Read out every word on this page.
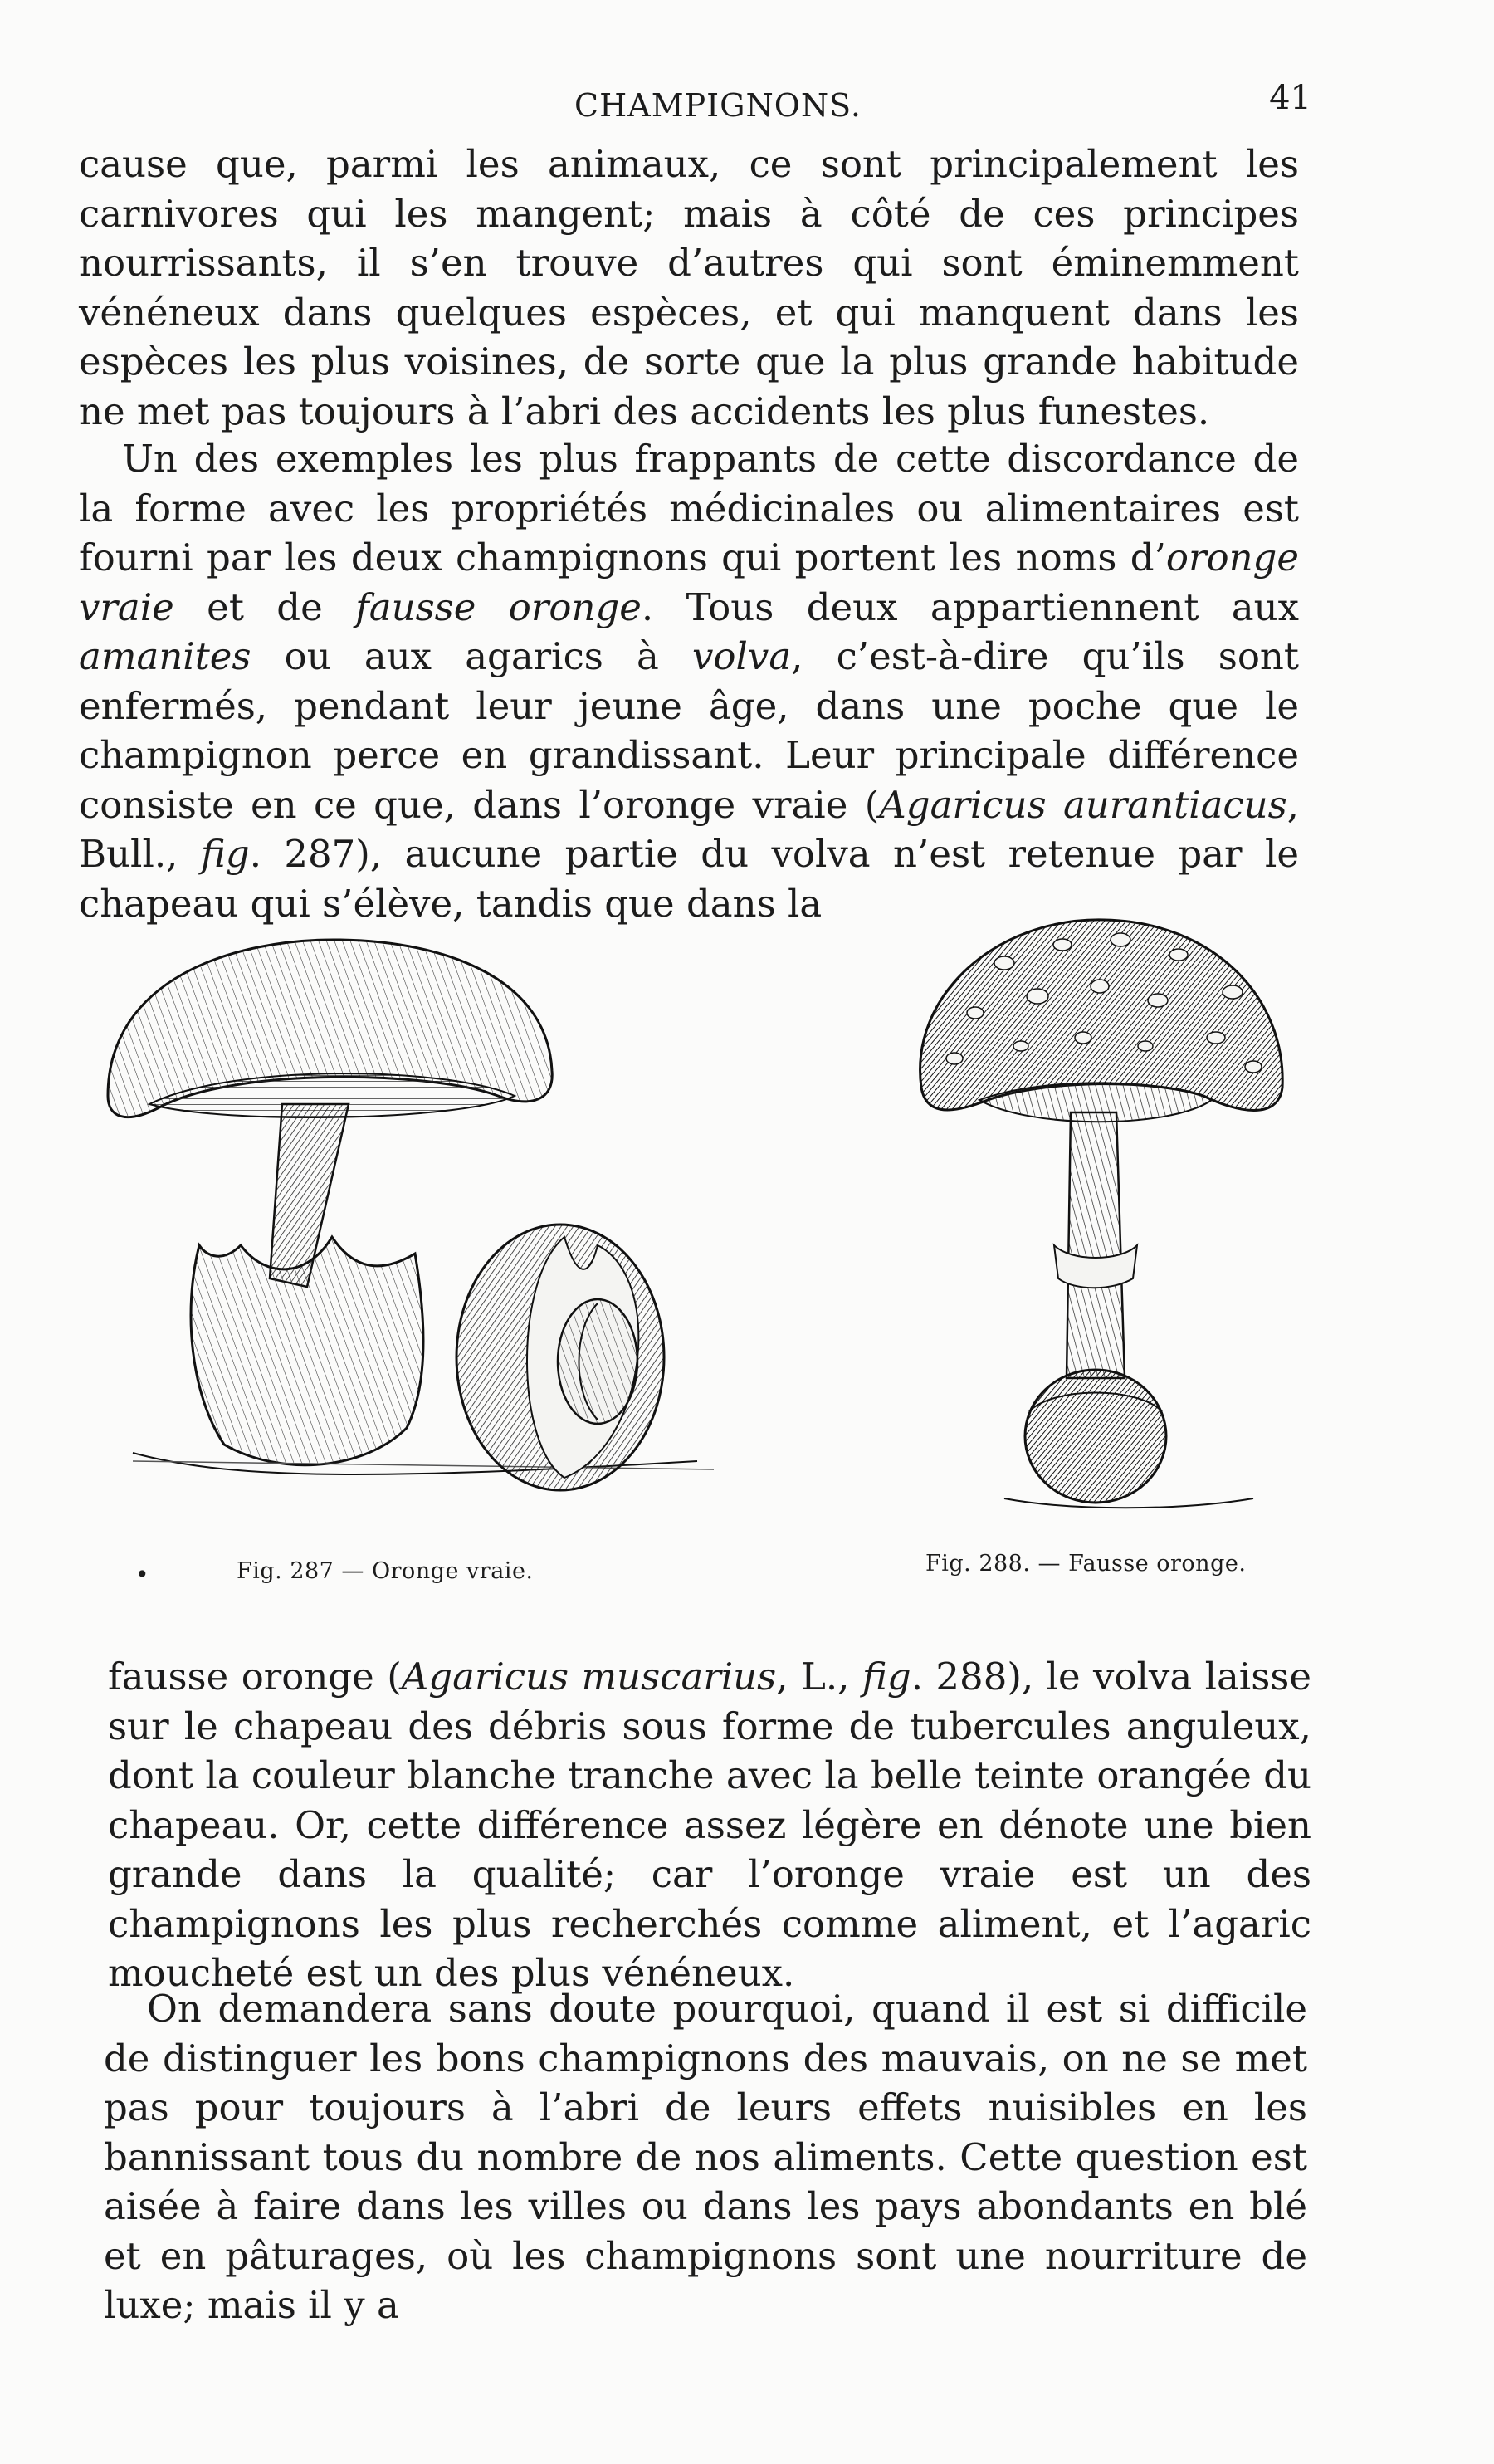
CHAMPIGNONS.	41

cause que, parmi les animaux, ce sont principalement les carnivores qui les mangent; mais à côté de ces principes nourrissants, il s’en trouve d’autres qui sont éminemment vénéneux dans quelques espèces, et qui manquent dans les espèces les plus voisines, de sorte que la plus grande habitude ne met pas toujours à l’abri des accidents les plus funestes.

Un des exemples les plus frappants de cette discordance de la forme avec les propriétés médicinales ou alimentaires est fourni par les deux champignons qui portent les noms d’oronge vraie et de fausse oronge. Tous deux appartiennent aux amanites ou aux agarics à volva, c’est-à-dire qu’ils sont enfermés, pendant leur jeune âge, dans une poche que le champignon perce en grandissant. Leur principale différence consiste en ce que, dans l’oronge vraie (Agaricus aurantiacus, Bull., fig. 287), aucune partie du volva n’est retenue par le chapeau qui s’élève, tandis que dans la

•	Fig. 287 — Oronge vraie.	Fig. 288. — Fausse oronge.

fausse oronge (Agaricus muscarius, L., fig. 288), le volva laisse sur le chapeau des débris sous forme de tubercules anguleux, dont la couleur blanche tranche avec la belle teinte orangée du chapeau. Or, cette différence assez légère en dénote une bien grande dans la qualité; car l’oronge vraie est un des champignons les plus recherchés comme aliment, et l’agaric moucheté est un des plus vénéneux.

On demandera sans doute pourquoi, quand il est si difficile de distinguer les bons champignons des mauvais, on ne se met pas pour toujours à l’abri de leurs effets nuisibles en les bannissant tous du nombre de nos aliments. Cette question est aisée à faire dans les villes ou dans les pays abondants en blé et en pâturages, où les champignons sont une nourriture de luxe; mais il y a
